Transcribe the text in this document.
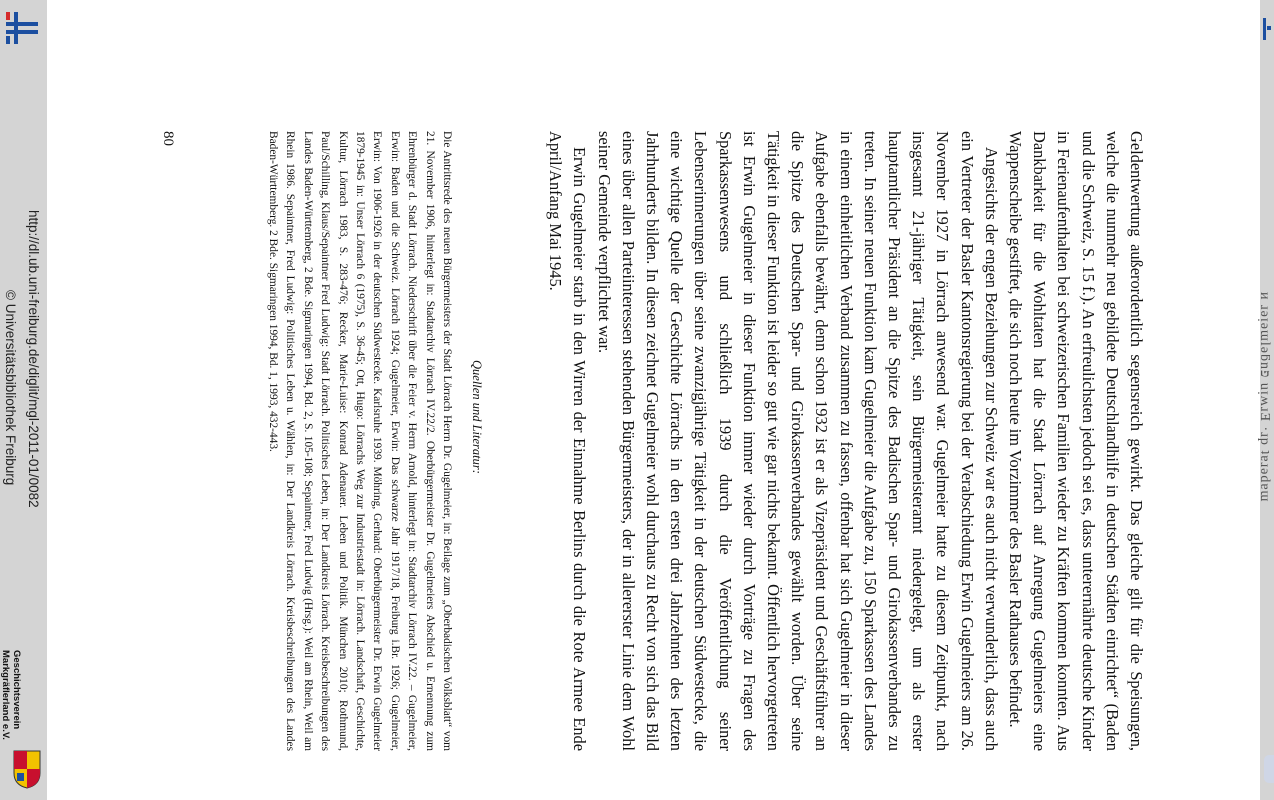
ᴎ ɹǝᴉǝɯlǝƃnפ uᴉʍɹƎ ·ɹp ʇɐɹǝdɐɯ

Geldentwertung außerordentlich segensreich gewirkt. Das gleiche gilt für die Speisungen, welche die nunmehr neu gebildete Deutschlandhilfe in deutschen Städten einrichtet“ (Baden und die Schweiz, S. 15 f.). An erfreulichsten jedoch sei es, dass unterernährte deutsche Kinder in Ferienaufenthalten bei schweizerischen Familien wieder zu Kräften kommen konnten. Aus Dankbarkeit für die Wohltaten hat die Stadt Lörrach auf Anregung Gugelmeiers eine Wappenscheibe gestiftet, die sich noch heute im Vorzimmer des Basler Rathauses befindet.

Angesichts der engen Beziehungen zur Schweiz war es auch nicht verwunderlich, dass auch ein Vertreter der Basler Kantonsregierung bei der Verabschiedung Erwin Gugelmeiers am 26. November 1927 in Lörrach anwesend war. Gugelmeier hatte zu diesem Zeitpunkt, nach insgesamt 21-jähriger Tätigkeit, sein Bürgermeisteramt niedergelegt, um als erster hauptamtlicher Präsident an die Spitze des Badischen Spar- und Girokassenverbandes zu treten. In seiner neuen Funktion kam Gugelmeier die Aufgabe zu, 150 Sparkassen des Landes in einem einheitlichen Verband zusammen zu fassen, offenbar hat sich Gugelmeier in dieser Aufgabe ebenfalls bewährt, denn schon 1932 ist er als Vizepräsident und Geschäftsführer an die Spitze des Deutschen Spar- und Girokassenverbandes gewählt worden. Über seine Tätigkeit in dieser Funktion ist leider so gut wie gar nichts bekannt. Öffentlich hervorgetreten ist Erwin Gugelmeier in dieser Funktion immer wieder durch Vorträge zu Fragen des Sparkassenwesens und schließlich 1939 durch die Veröffentlichung seiner Lebenserinnerungen über seine zwanzigjährige Tätigkeit in der deutschen Südwestecke, die eine wichtige Quelle der Geschichte Lörrachs in den ersten drei Jahrzehnten des letzten Jahrhunderts bilden. In diesen zeichnet Gugelmeier wohl durchaus zu Recht von sich das Bild eines über allen Parteiinteressen stehenden Bürgermeisters, der in allererster Linie dem Wohl seiner Gemeinde verpflichtet war.

Erwin Gugelmeier starb in den Wirren der Einnahme Berlins durch die Rote Armee Ende April/Anfang Mai 1945.

Quellen und Literatur:
Die Antrittsrede des neuen Bürgermeisters der Stadt Lörrach Herrn Dr. Gugelmeier, in: Beilage zum „Oberbadischen Volksblatt“ vom 21. November 1906, hinterlegt in: Stadtarchiv Lörrach IV.22/2. Oberbürgermeister Dr. Gugelmeiers Abschied u. Ernennung zum Ehrenbürger d. Stadt Lörrach. Niederschrift über die Feier v. Herrn Arnold, hinterlegt in: Stadtarchiv Lörrach IV.22. – Gugelmeier, Erwin: Baden und die Schweiz. Lörrach 1924; Gugelmeier, Erwin: Das schwarze Jahr 1917/18, Freiburg i.Br. 1926; Gugelmeier, Erwin: Von 1906-1926 in der deutschen Südwestecke. Karlsruhe 1939. Möhring, Gerhard: Oberbürgermeister Dr. Erwin Gugelmeier 1879-1945 in: Unser Lörrach 6 (1975), S. 36-45; Ott, Hugo: Lörrachs Weg zur Industriestadt in: Lörrach. Landschaft, Geschichte, Kultur, Lörrach 1983, S. 283-476; Recker, Marie-Luise: Konrad Adenauer. Leben und Politik. München 2010; Rothmund, Paul/Schilling, Klaus/Sepaintner Fred Ludwig: Stadt Lörrach. Politisches Leben, in: Der Landkreis Lörrach. Kreisbeschreibungen des Landes Baden-Württemberg, 2 Bde. Sigmaringen 1994, Bd. 2, S. 105-108; Sepaintner, Fred Ludwig (Hrsg.): Weil am Rhein, Weil am Rhein 1986. Sepaintner, Fred Ludwig: Politisches Leben u. Wählen, in: Der Landkreis Lörrach. Kreisbeschreibungen des Landes Baden-Württemberg. 2 Bde. Sigmaringen 1994, Bd. 1, 1993, 432-443.
80
http://dl.ub.uni-freiburg.de/diglit/mgl-2011-01/0082
© Universitätsbibliothek Freiburg
Geschichtsverein
Markgräflerland e.V.
